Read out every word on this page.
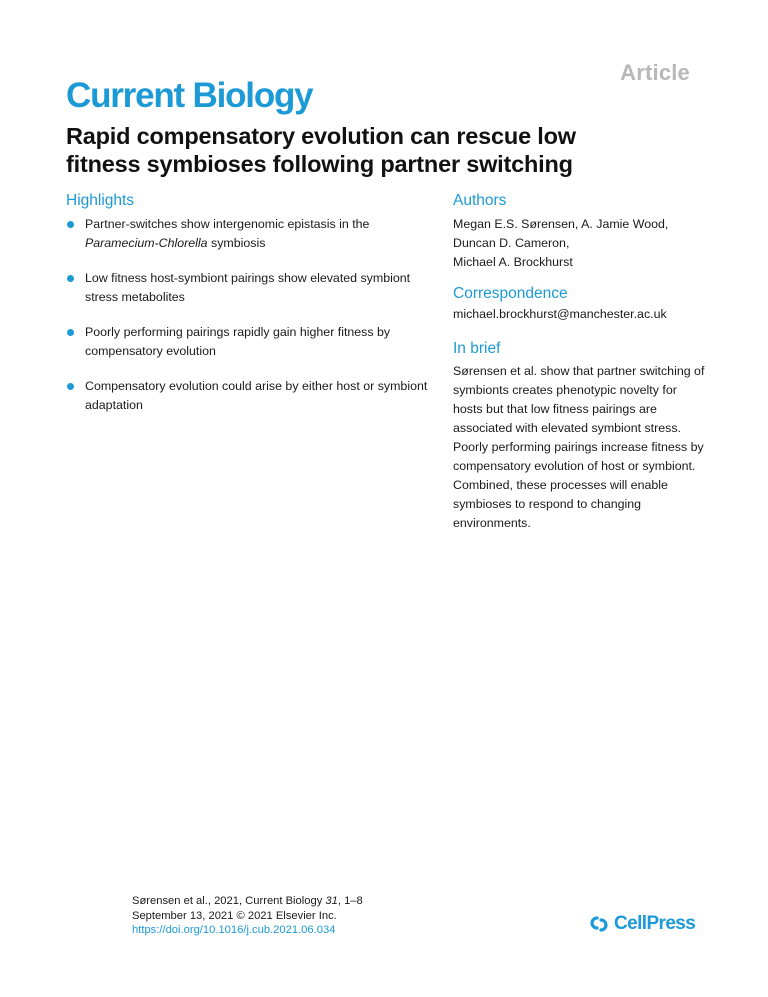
Article
Current Biology
Rapid compensatory evolution can rescue low
fitness symbioses following partner switching
Highlights
Partner-switches show intergenomic epistasis in the
Paramecium-Chlorella symbiosis
Low fitness host-symbiont pairings show elevated symbiont stress metabolites
Poorly performing pairings rapidly gain higher fitness by compensatory evolution
Compensatory evolution could arise by either host or symbiont adaptation
Authors

Megan E.S. Sørensen, A. Jamie Wood,
Duncan D. Cameron,
Michael A. Brockhurst

Correspondence

michael.brockhurst@manchester.ac.uk

In brief

Sørensen et al. show that partner switching of symbionts creates phenotypic novelty for hosts but that low fitness pairings are associated with elevated symbiont stress. Poorly performing pairings increase fitness by compensatory evolution of host or symbiont. Combined, these processes will enable symbioses to respond to changing environments.

Sørensen et al., 2021, Current Biology 31, 1–8
September 13, 2021 © 2021 Elsevier Inc.
https://doi.org/10.1016/j.cub.2021.06.034	CellPress
